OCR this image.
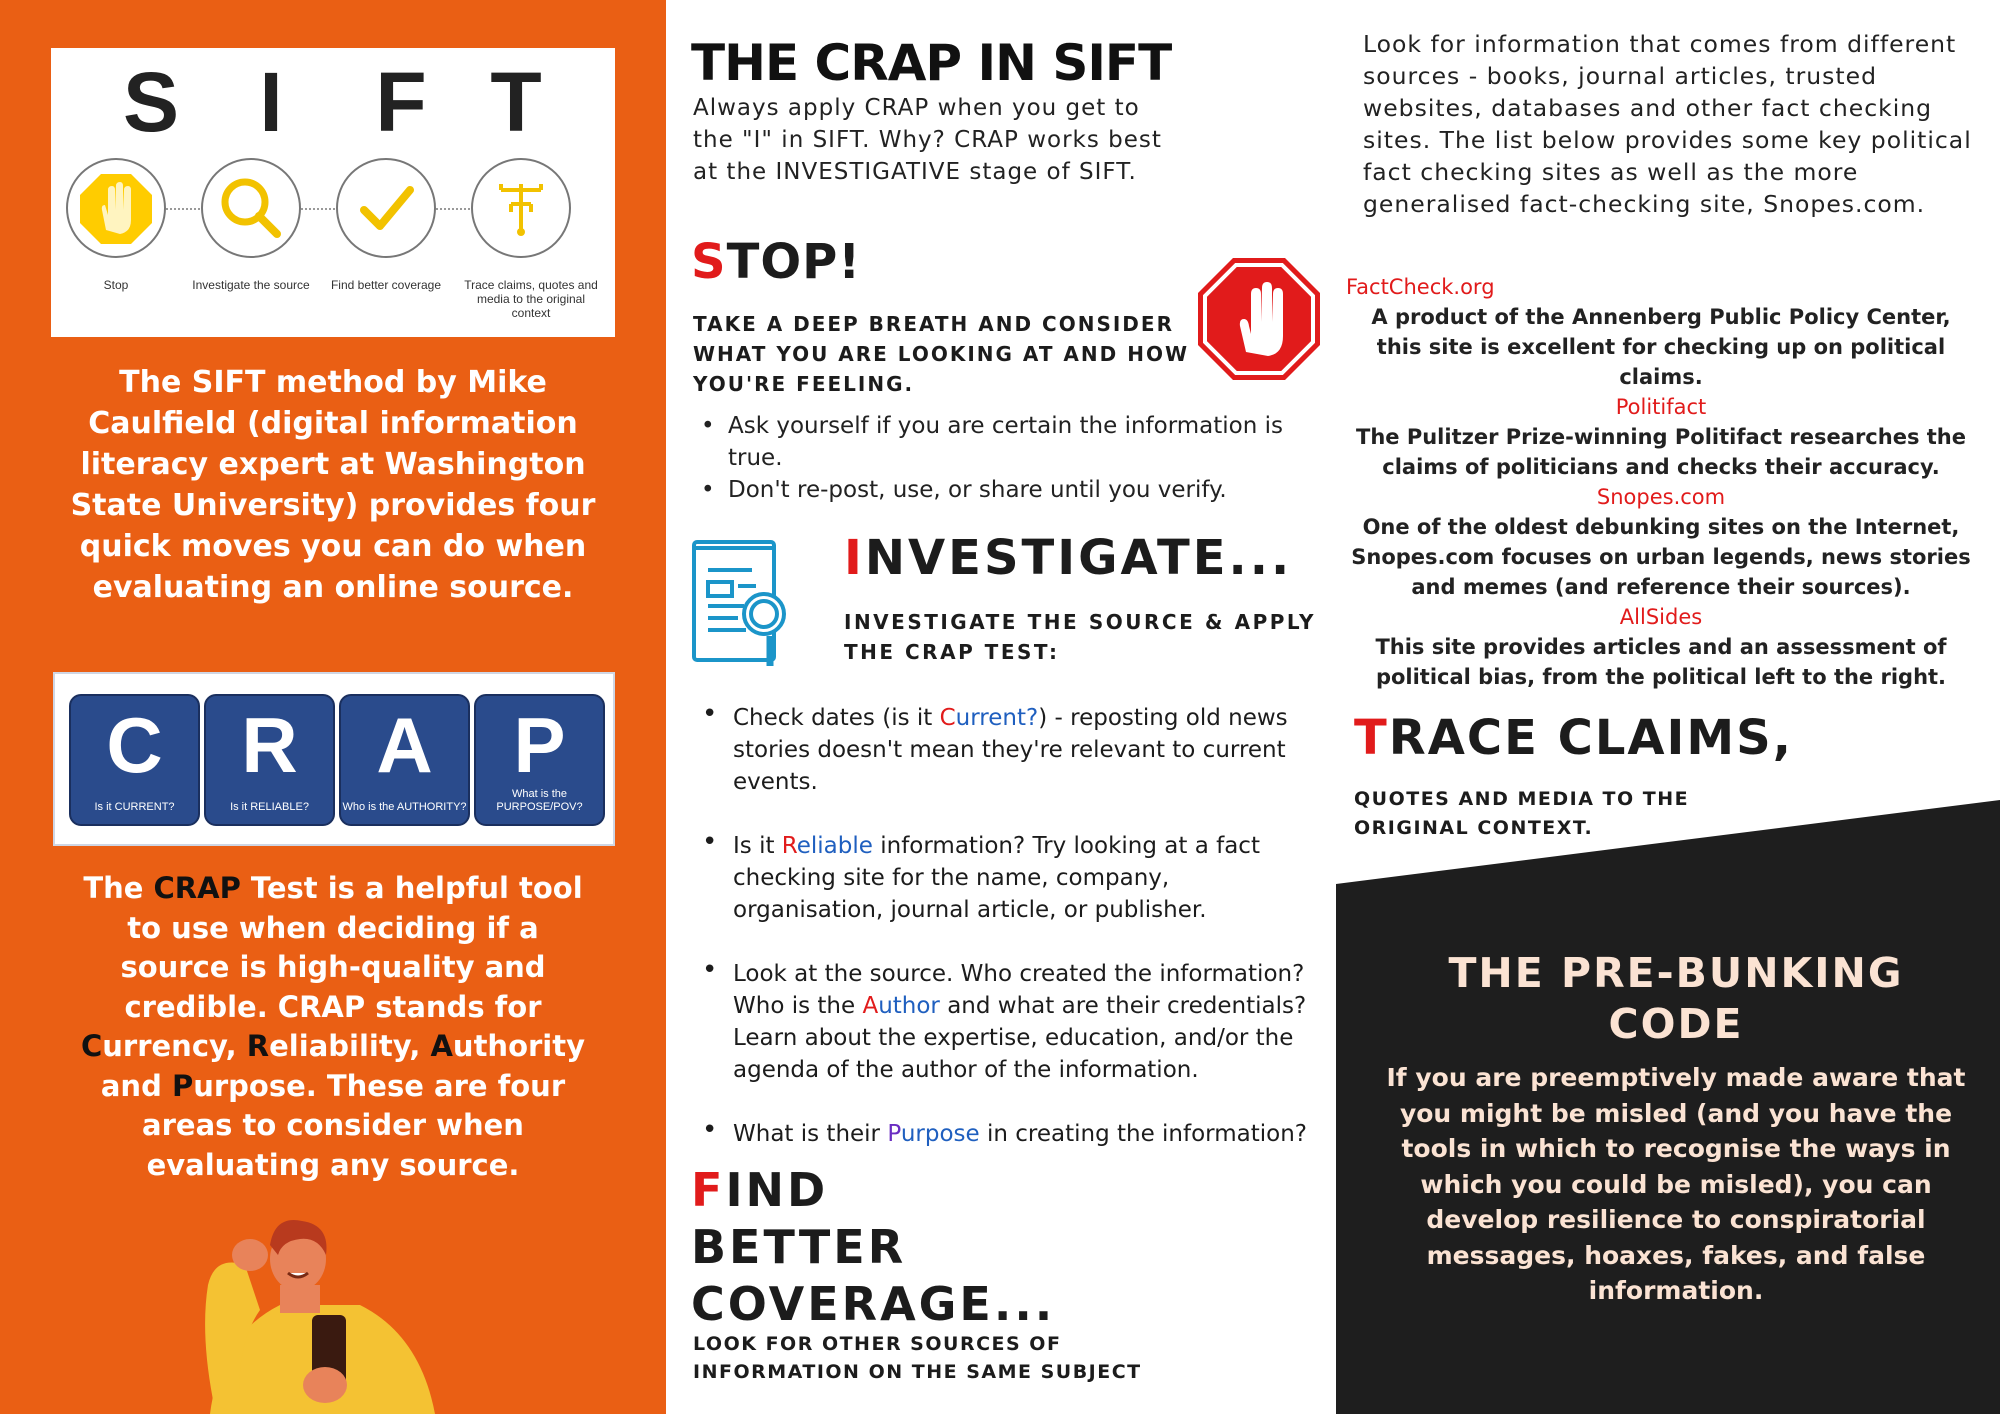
S I	F T
Stop	Investigate the source	Find better coverage	Trace claims, quotes and media to the original context
The SIFT method by Mike Caulfield (digital information literacy expert at Washington State University) provides four quick moves you can do when evaluating an online source.
C
Is it CURRENT?
R
Is it RELIABLE?
A
Who is the AUTHORITY?
P
What is the PURPOSE/POV?
The CRAP Test is a helpful tool to use when deciding if a source is high-quality and credible. CRAP stands for Currency, Reliability, Authority and Purpose. These are four areas to consider when evaluating any source.
THE CRAP IN SIFT
Always apply CRAP when you get to the "I" in SIFT. Why? CRAP works best at the INVESTIGATIVE stage of SIFT.
STOP!
TAKE A DEEP BREATH AND CONSIDER WHAT YOU ARE LOOKING AT AND HOW YOU'RE FEELING.
• Ask yourself if you are certain the information is true.
• Don't re-post, use, or share until you verify.
INVESTIGATE...
INVESTIGATE THE SOURCE & APPLY THE CRAP TEST:
• Check dates (is it Current?) - reposting old news stories doesn't mean they're relevant to current events.
• Is it Reliable information? Try looking at a fact checking site for the name, company, organisation, journal article, or publisher.
• Look at the source. Who created the information? Who is the Author and what are their credentials? Learn about the expertise, education, and/or the agenda of the author of the information.
• What is their Purpose in creating the information?
FIND
BETTER
COVERAGE...
LOOK FOR OTHER SOURCES OF INFORMATION ON THE SAME SUBJECT
Look for information that comes from different sources - books, journal articles, trusted websites, databases and other fact checking sites. The list below provides some key political fact checking sites as well as the more generalised fact-checking site, Snopes.com.
FactCheck.org
A product of the Annenberg Public Policy Center, this site is excellent for checking up on political claims.
Politifact
The Pulitzer Prize-winning Politifact researches the claims of politicians and checks their accuracy.
Snopes.com
One of the oldest debunking sites on the Internet, Snopes.com focuses on urban legends, news stories and memes (and reference their sources).
AllSides
This site provides articles and an assessment of political bias, from the political left to the right.
TRACE CLAIMS,
QUOTES AND MEDIA TO THE ORIGINAL CONTEXT.
THE PRE-BUNKING CODE
If you are preemptively made aware that you might be misled (and you have the tools in which to recognise the ways in which you could be misled), you can develop resilience to conspiratorial messages, hoaxes, fakes, and false information.
